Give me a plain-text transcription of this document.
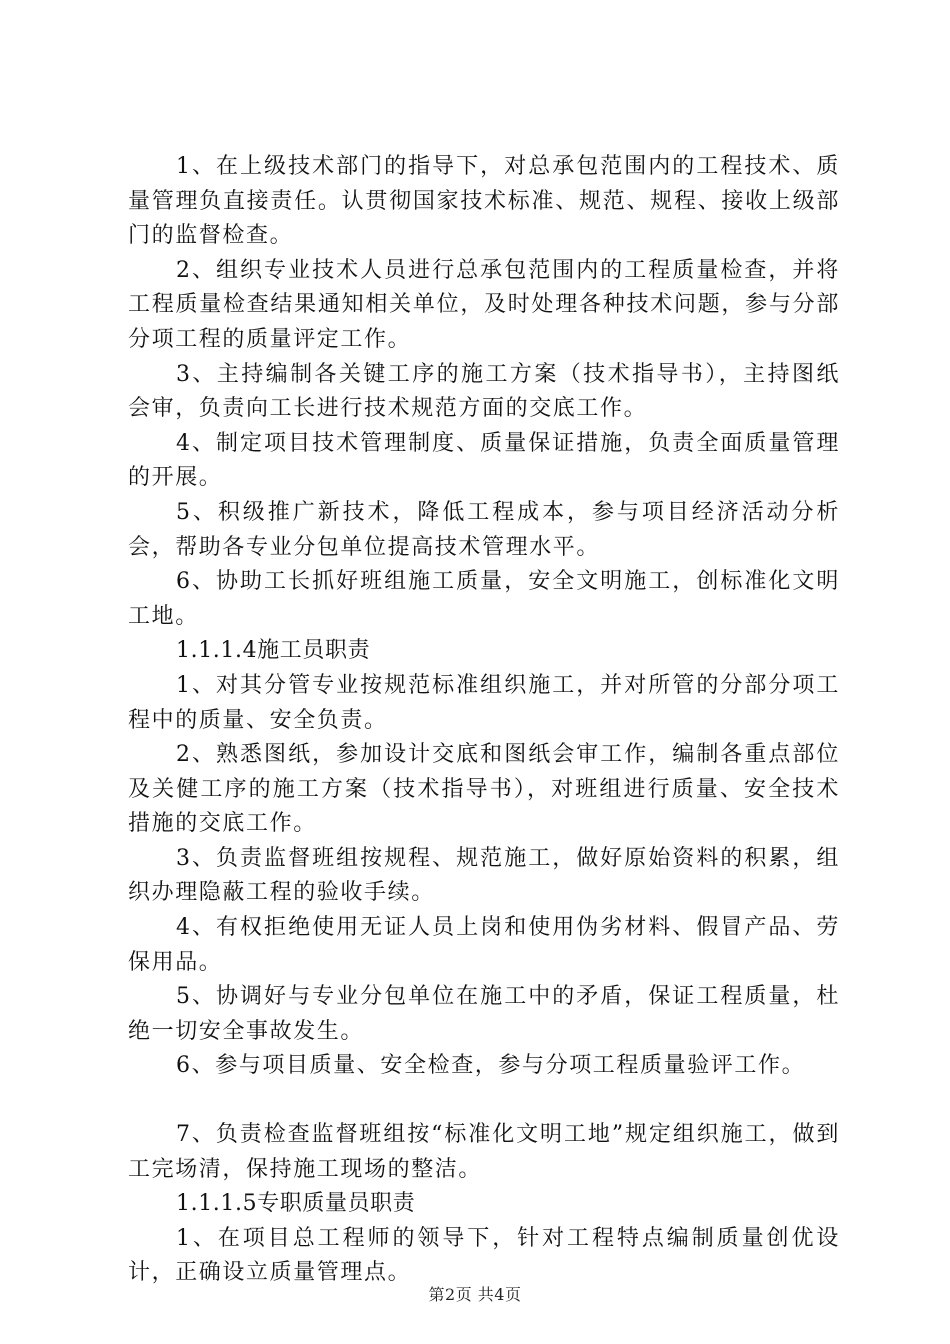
1、在上级技术部门的指导下，对总承包范围内的工程技术、质量管理负直接责任。认贯彻国家技术标准、规范、规程、接收上级部门的监督检查。

2、组织专业技术人员进行总承包范围内的工程质量检查，并将工程质量检查结果通知相关单位，及时处理各种技术问题，参与分部分项工程的质量评定工作。

3、主持编制各关键工序的施工方案（技术指导书），主持图纸会审，负责向工长进行技术规范方面的交底工作。

4、制定项目技术管理制度、质量保证措施，负责全面质量管理的开展。

5、积级推广新技术，降低工程成本，参与项目经济活动分析会，帮助各专业分包单位提高技术管理水平。

6、协助工长抓好班组施工质量，安全文明施工，创标准化文明工地。

1.1.1.4施工员职责

1、对其分管专业按规范标准组织施工，并对所管的分部分项工程中的质量、安全负责。

2、熟悉图纸，参加设计交底和图纸会审工作，编制各重点部位及关健工序的施工方案（技术指导书），对班组进行质量、安全技术措施的交底工作。

3、负责监督班组按规程、规范施工，做好原始资料的积累，组织办理隐蔽工程的验收手续。

4、有权拒绝使用无证人员上岗和使用伪劣材料、假冒产品、劳保用品。

5、协调好与专业分包单位在施工中的矛盾，保证工程质量，杜绝一切安全事故发生。

6、参与项目质量、安全检查，参与分项工程质量验评工作。

7、负责检查监督班组按“标准化文明工地”规定组织施工，做到工完场清，保持施工现场的整洁。

1.1.1.5专职质量员职责

1、在项目总工程师的领导下，针对工程特点编制质量创优设计，正确设立质量管理点。

第2页 共4页
